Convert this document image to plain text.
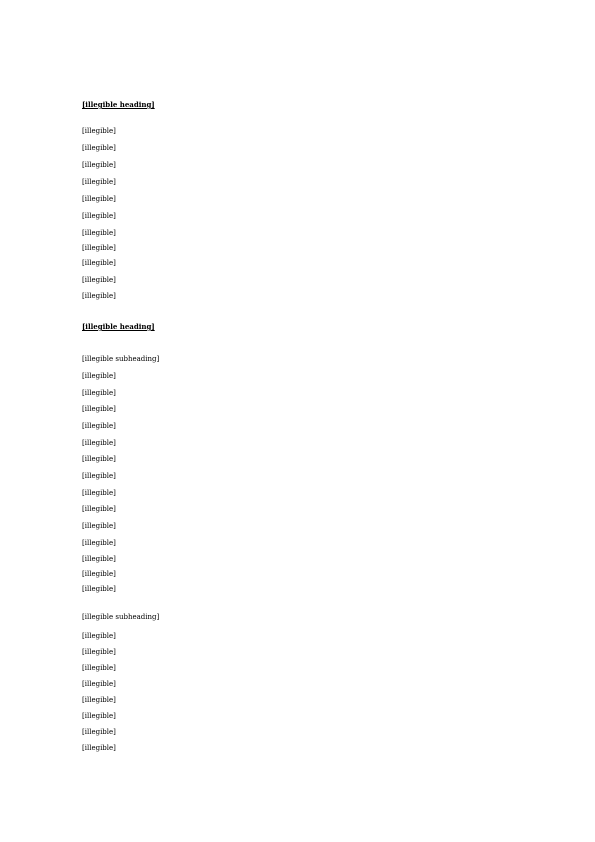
[illegible heading]
[illegible]
[illegible]
[illegible]
[illegible]
[illegible]
[illegible]
[illegible]
[illegible]
[illegible]
[illegible]
[illegible]
[illegible heading]
[illegible subheading]
[illegible]
[illegible]
[illegible]
[illegible]
[illegible]
[illegible]
[illegible]
[illegible]
[illegible]
[illegible]
[illegible]
[illegible]
[illegible]
[illegible]
[illegible subheading]
[illegible]
[illegible]
[illegible]
[illegible]
[illegible]
[illegible]
[illegible]
[illegible]
